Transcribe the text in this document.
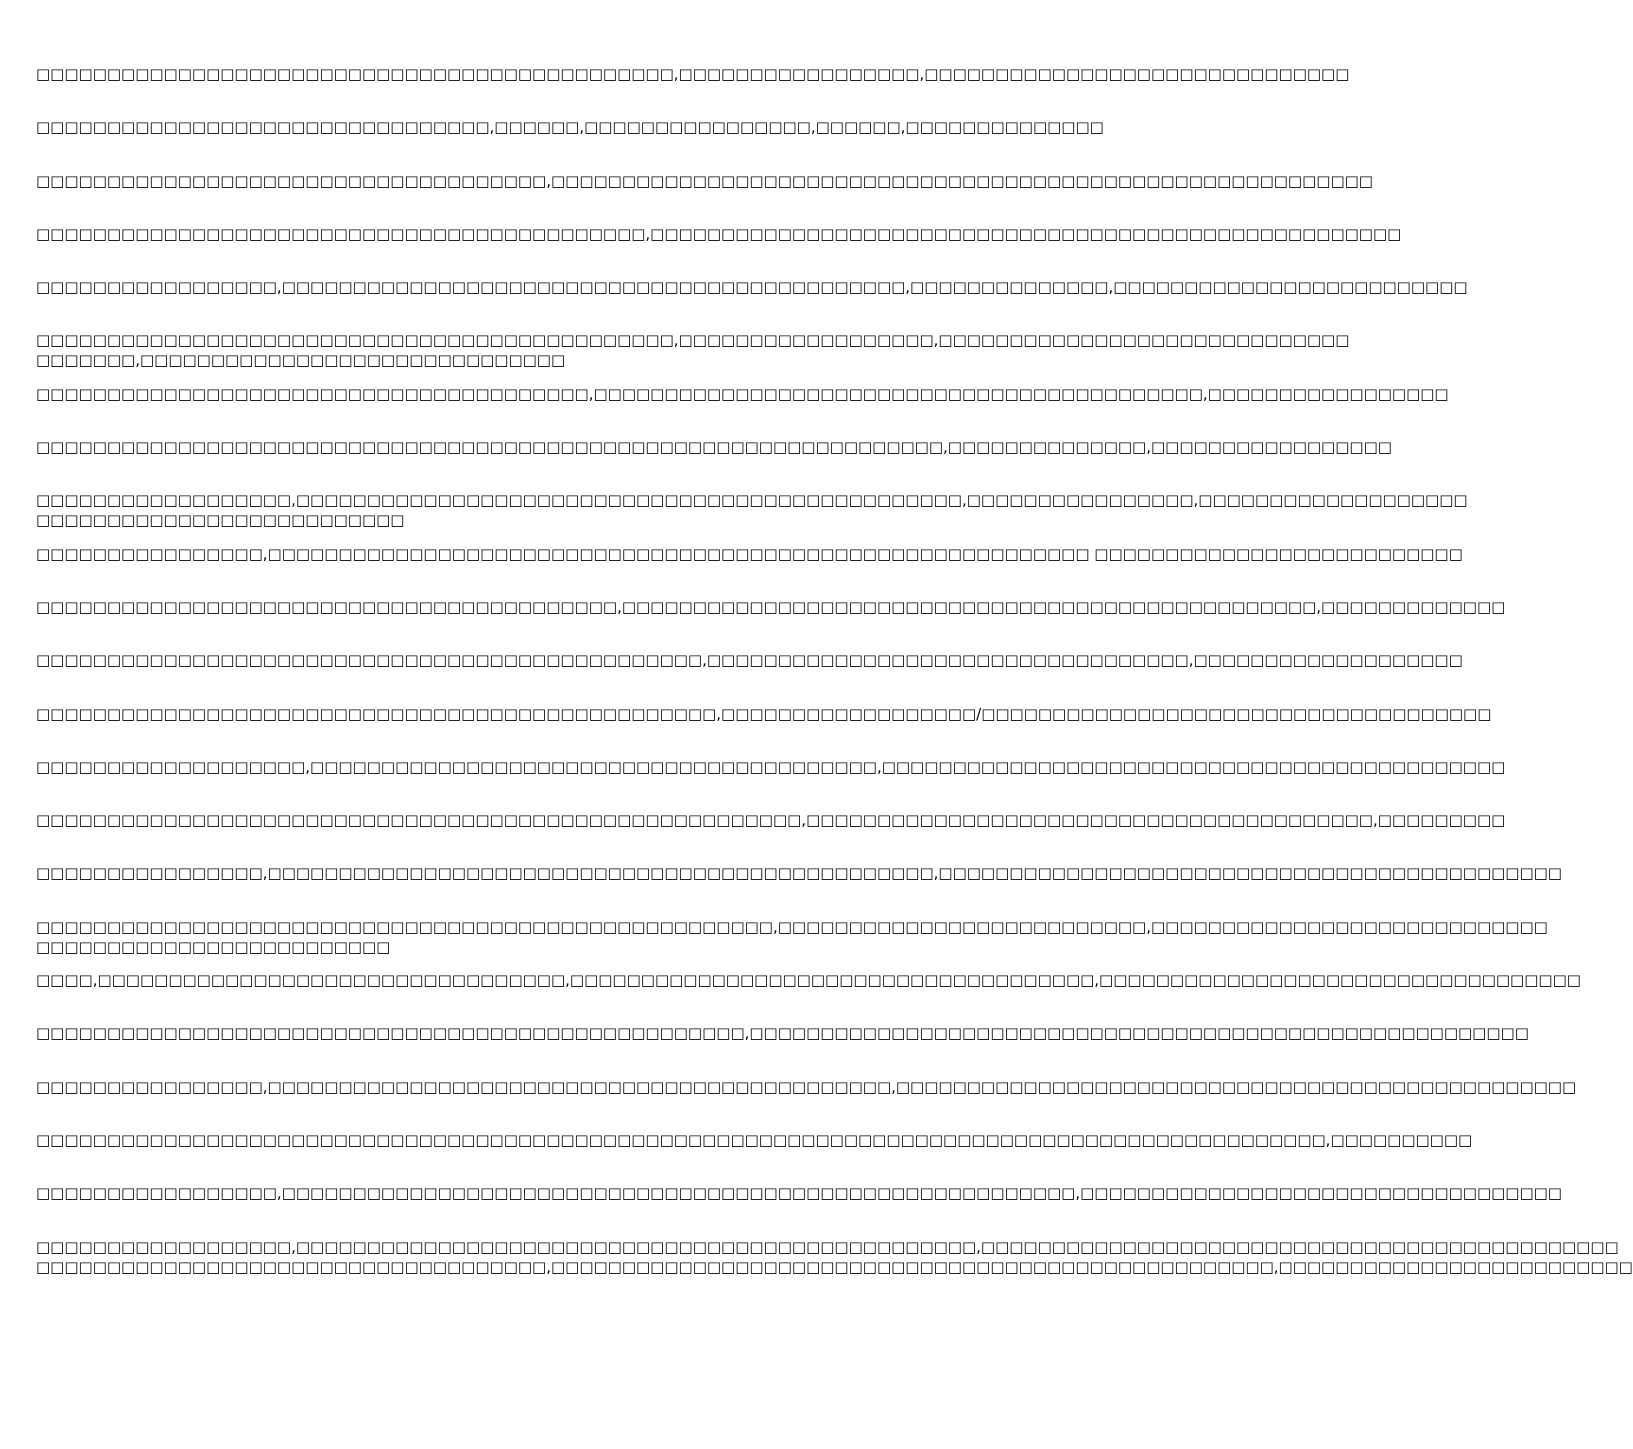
□□□□□□□□□□□□□□□□□□□□□□□□□□□□□□□□□□□□□□□□□□□□□,□□□□□□□□□□□□□□□□□,□□□□□□□□□□□□□□□□□□□□□□□□□□□□□□
□□□□□□□□□□□□□□□□□□□□□□□□□□□□□□□□,□□□□□□,□□□□□□□□□□□□□□□□,□□□□□□,□□□□□□□□□□□□□□
□□□□□□□□□□□□□□□□□□□□□□□□□□□□□□□□□□□□,□□□□□□□□□□□□□□□□□□□□□□□□□□□□□□□□□□□□□□□□□□□□□□□□□□□□□□□□□□
□□□□□□□□□□□□□□□□□□□□□□□□□□□□□□□□□□□□□□□□□□□,□□□□□□□□□□□□□□□□□□□□□□□□□□□□□□□□□□□□□□□□□□□□□□□□□□□□□
□□□□□□□□□□□□□□□□□,□□□□□□□□□□□□□□□□□□□□□□□□□□□□□□□□□□□□□□□□□□□□,□□□□□□□□□□□□□□,□□□□□□□□□□□□□□□□□□□□□□□□□
□□□□□□□□□□□□□□□□□□□□□□□□□□□□□□□□□□□□□□□□□□□□□,□□□□□□□□□□□□□□□□□□,□□□□□□□□□□□□□□□□□□□□□□□□□□□□□
□□□□□□□,□□□□□□□□□□□□□□□□□□□□□□□□□□□□□□
□□□□□□□□□□□□□□□□□□□□□□□□□□□□□□□□□□□□□□□,□□□□□□□□□□□□□□□□□□□□□□□□□□□□□□□□□□□□□□□□□□□,□□□□□□□□□□□□□□□□□
□□□□□□□□□□□□□□□□□□□□□□□□□□□□□□□□□□□□□□□□□□□□□□□□□□□□□□□□□□□□□□□□,□□□□□□□□□□□□□□,□□□□□□□□□□□□□□□□□
□□□□□□□□□□□□□□□□□□,□□□□□□□□□□□□□□□□□□□□□□□□□□□□□□□□□□□□□□□□□□□□□□□,□□□□□□□□□□□□□□□□,□□□□□□□□□□□□□□□□□□□
□□□□□□□□□□□□□□□□□□□□□□□□□□
□□□□□□□□□□□□□□□□,□□□□□□□□□□□□□□□□□□□□□□□□□□□□□□□□□□□□□□□□□□□□□□□□□□□□□□□□□□ □□□□□□□□□□□□□□□□□□□□□□□□□□
□□□□□□□□□□□□□□□□□□□□□□□□□□□□□□□□□□□□□□□□□,□□□□□□□□□□□□□□□□□□□□□□□□□□□□□□□□□□□□□□□□□□□□□□□□□,□□□□□□□□□□□□□
□□□□□□□□□□□□□□□□□□□□□□□□□□□□□□□□□□□□□□□□□□□□□□□,□□□□□□□□□□□□□□□□□□□□□□□□□□□□□□□□□□,□□□□□□□□□□□□□□□□□□□
□□□□□□□□□□□□□□□□□□□□□□□□□□□□□□□□□□□□□□□□□□□□□□□□,□□□□□□□□□□□□□□□□□□/□□□□□□□□□□□□□□□□□□□□□□□□□□□□□□□□□□□□
□□□□□□□□□□□□□□□□□□□,□□□□□□□□□□□□□□□□□□□□□□□□□□□□□□□□□□□□□□□□,□□□□□□□□□□□□□□□□□□□□□□□□□□□□□□□□□□□□□□□□□□□□
□□□□□□□□□□□□□□□□□□□□□□□□□□□□□□□□□□□□□□□□□□□□□□□□□□□□□□,□□□□□□□□□□□□□□□□□□□□□□□□□□□□□□□□□□□□□□□□,□□□□□□□□□
□□□□□□□□□□□□□□□□,□□□□□□□□□□□□□□□□□□□□□□□□□□□□□□□□□□□□□□□□□□□□□□□,□□□□□□□□□□□□□□□□□□□□□□□□□□□□□□□□□□□□□□□□□□□□
□□□□□□□□□□□□□□□□□□□□□□□□□□□□□□□□□□□□□□□□□□□□□□□□□□□□,□□□□□□□□□□□□□□□□□□□□□□□□□□,□□□□□□□□□□□□□□□□□□□□□□□□□□□□
□□□□□□□□□□□□□□□□□□□□□□□□□
□□□□,□□□□□□□□□□□□□□□□□□□□□□□□□□□□□□□□□,□□□□□□□□□□□□□□□□□□□□□□□□□□□□□□□□□□□□□,□□□□□□□□□□□□□□□□□□□□□□□□□□□□□□□□□□
□□□□□□□□□□□□□□□□□□□□□□□□□□□□□□□□□□□□□□□□□□□□□□□□□□,□□□□□□□□□□□□□□□□□□□□□□□□□□□□□□□□□□□□□□□□□□□□□□□□□□□□□□□
□□□□□□□□□□□□□□□□,□□□□□□□□□□□□□□□□□□□□□□□□□□□□□□□□□□□□□□□□□□□□,□□□□□□□□□□□□□□□□□□□□□□□□□□□□□□□□□□□□□□□□□□□□□□□□
□□□□□□□□□□□□□□□□□□□□□□□□□□□□□□□□□□□□□□□□□□□□□□□□□□□□□□□□□□□□□□□□□□□□□□□□□□□□□□□□□□□□□□□□□□□,□□□□□□□□□□
□□□□□□□□□□□□□□□□□,□□□□□□□□□□□□□□□□□□□□□□□□□□□□□□□□□□□□□□□□□□□□□□□□□□□□□□□□,□□□□□□□□□□□□□□□□□□□□□□□□□□□□□□□□□□
□□□□□□□□□□□□□□□□□□,□□□□□□□□□□□□□□□□□□□□□□□□□□□□□□□□□□□□□□□□□□□□□□□□,□□□□□□□□□□□□□□□□□□□□□□□□□□□□□□□□□□□□□□□□□□□□□
□□□□□□□□□□□□□□□□□□□□□□□□□□□□□□□□□□□□,□□□□□□□□□□□□□□□□□□□□□□□□□□□□□□□□□□□□□□□□□□□□□□□□□□□,□□□□□□□□□□□□□□□□□□□□□□□□□
